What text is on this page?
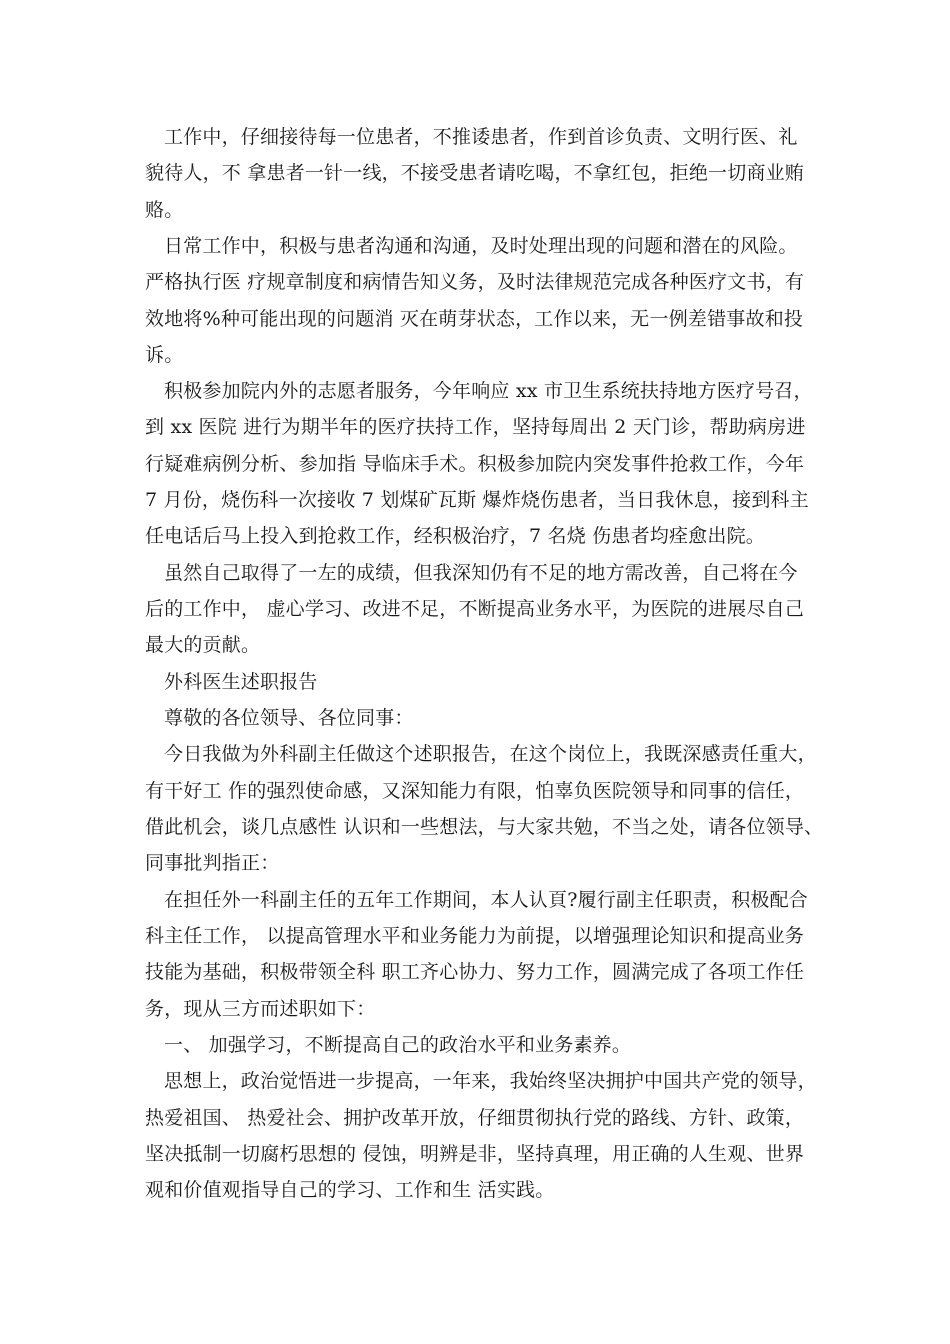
工作中，仔细接待每一位患者，不推诿患者，作到首诊负责、文明行医、礼
貌待人，不 拿患者一针一线，不接受患者请吃喝，不拿红包，拒绝一切商业贿
赂。
日常工作中，积极与患者沟通和沟通，及时处理出现的问题和潜在的风险。
严格执行医 疗规章制度和病情告知义务，及时法律规范完成各种医疗文书，有
效地将%种可能出现的问题消 灭在萌芽状态，工作以来，无一例差错事故和投
诉。
积极参加院内外的志愿者服务，今年响应 xx 市卫生系统扶持地方医疗号召，
到 xx 医院 进行为期半年的医疗扶持工作，坚持每周出 2 天门诊，帮助病房进
行疑难病例分析、参加指 导临床手术。积极参加院内突发事件抢救工作，今年
7 月份，烧伤科一次接收 7 划煤矿瓦斯 爆炸烧伤患者，当日我休息，接到科主
任电话后马上投入到抢救工作，经积极治疗，7 名烧 伤患者均痊愈出院。
虽然自己取得了一左的成绩，但我深知仍有不足的地方需改善，自己将在今
后的工作中， 虚心学习、改进不足，不断提高业务水平，为医院的进展尽自己
最大的贡献。
外科医生述职报告
尊敬的各位领导、各位同事：
今日我做为外科副主任做这个述职报告，在这个岗位上，我既深感责任重大，
有干好工 作的强烈使命感，又深知能力有限，怕辜负医院领导和同事的信任，
借此机会，谈几点感性 认识和一些想法，与大家共勉，不当之处，请各位领导、
同事批判指正：
在担任外一科副主任的五年工作期间，本人认頁?履行副主任职责，积极配合
科主任工作， 以提高管理水平和业务能力为前提，以增强理论知识和提高业务
技能为基础，积极带领全科 职工齐心协力、努力工作，圆满完成了各项工作任
务，现从三方而述职如下：
一、 加强学习，不断提高自己的政治水平和业务素养。
思想上，政治觉悟进一步提高，一年来，我始终坚决拥护中国共产党的领导，
热爱祖国、 热爱社会、拥护改革开放，仔细贯彻执行党的路线、方针、政策，
坚决抵制一切腐朽思想的 侵蚀，明辨是非，坚持真理，用正确的人生观、世界
观和价值观指导自己的学习、工作和生 活实践。
